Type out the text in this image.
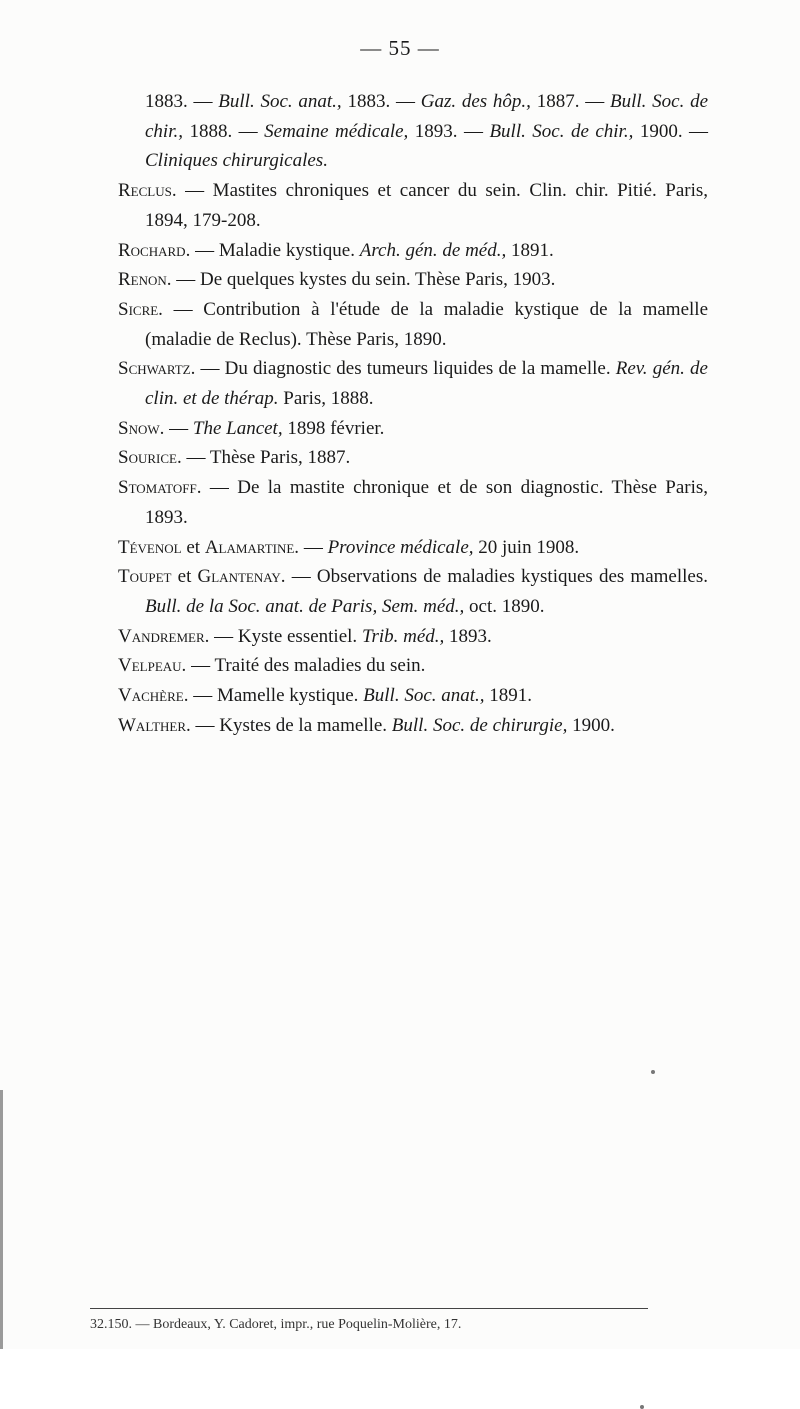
— 55 —

1883. — Bull. Soc. anat., 1883. — Gaz. des hôp., 1887. — Bull. Soc. de chir., 1888. — Semaine médicale, 1893. — Bull. Soc. de chir., 1900. — Cliniques chirurgicales.

Reclus. — Mastites chroniques et cancer du sein. Clin. chir. Pitié. Paris, 1894, 179-208.

Rochard. — Maladie kystique. Arch. gén. de méd., 1891.

Renon. — De quelques kystes du sein. Thèse Paris, 1903.

Sicre. — Contribution à l'étude de la maladie kystique de la mamelle (maladie de Reclus). Thèse Paris, 1890.

Schwartz. — Du diagnostic des tumeurs liquides de la mamelle. Rev. gén. de clin. et de thérap. Paris, 1888.

Snow. — The Lancet, 1898 février.

Sourice. — Thèse Paris, 1887.

Stomatoff. — De la mastite chronique et de son diagnostic. Thèse Paris, 1893.

Tévenol et Alamartine. — Province médicale, 20 juin 1908.

Toupet et Glantenay. — Observations de maladies kystiques des mamelles. Bull. de la Soc. anat. de Paris, Sem. méd., oct. 1890.

Vandremer. — Kyste essentiel. Trib. méd., 1893.

Velpeau. — Traité des maladies du sein.

Vachère. — Mamelle kystique. Bull. Soc. anat., 1891.

Walther. — Kystes de la mamelle. Bull. Soc. de chirurgie, 1900.

32.150. — Bordeaux, Y. Cadoret, impr., rue Poquelin-Molière, 17.
